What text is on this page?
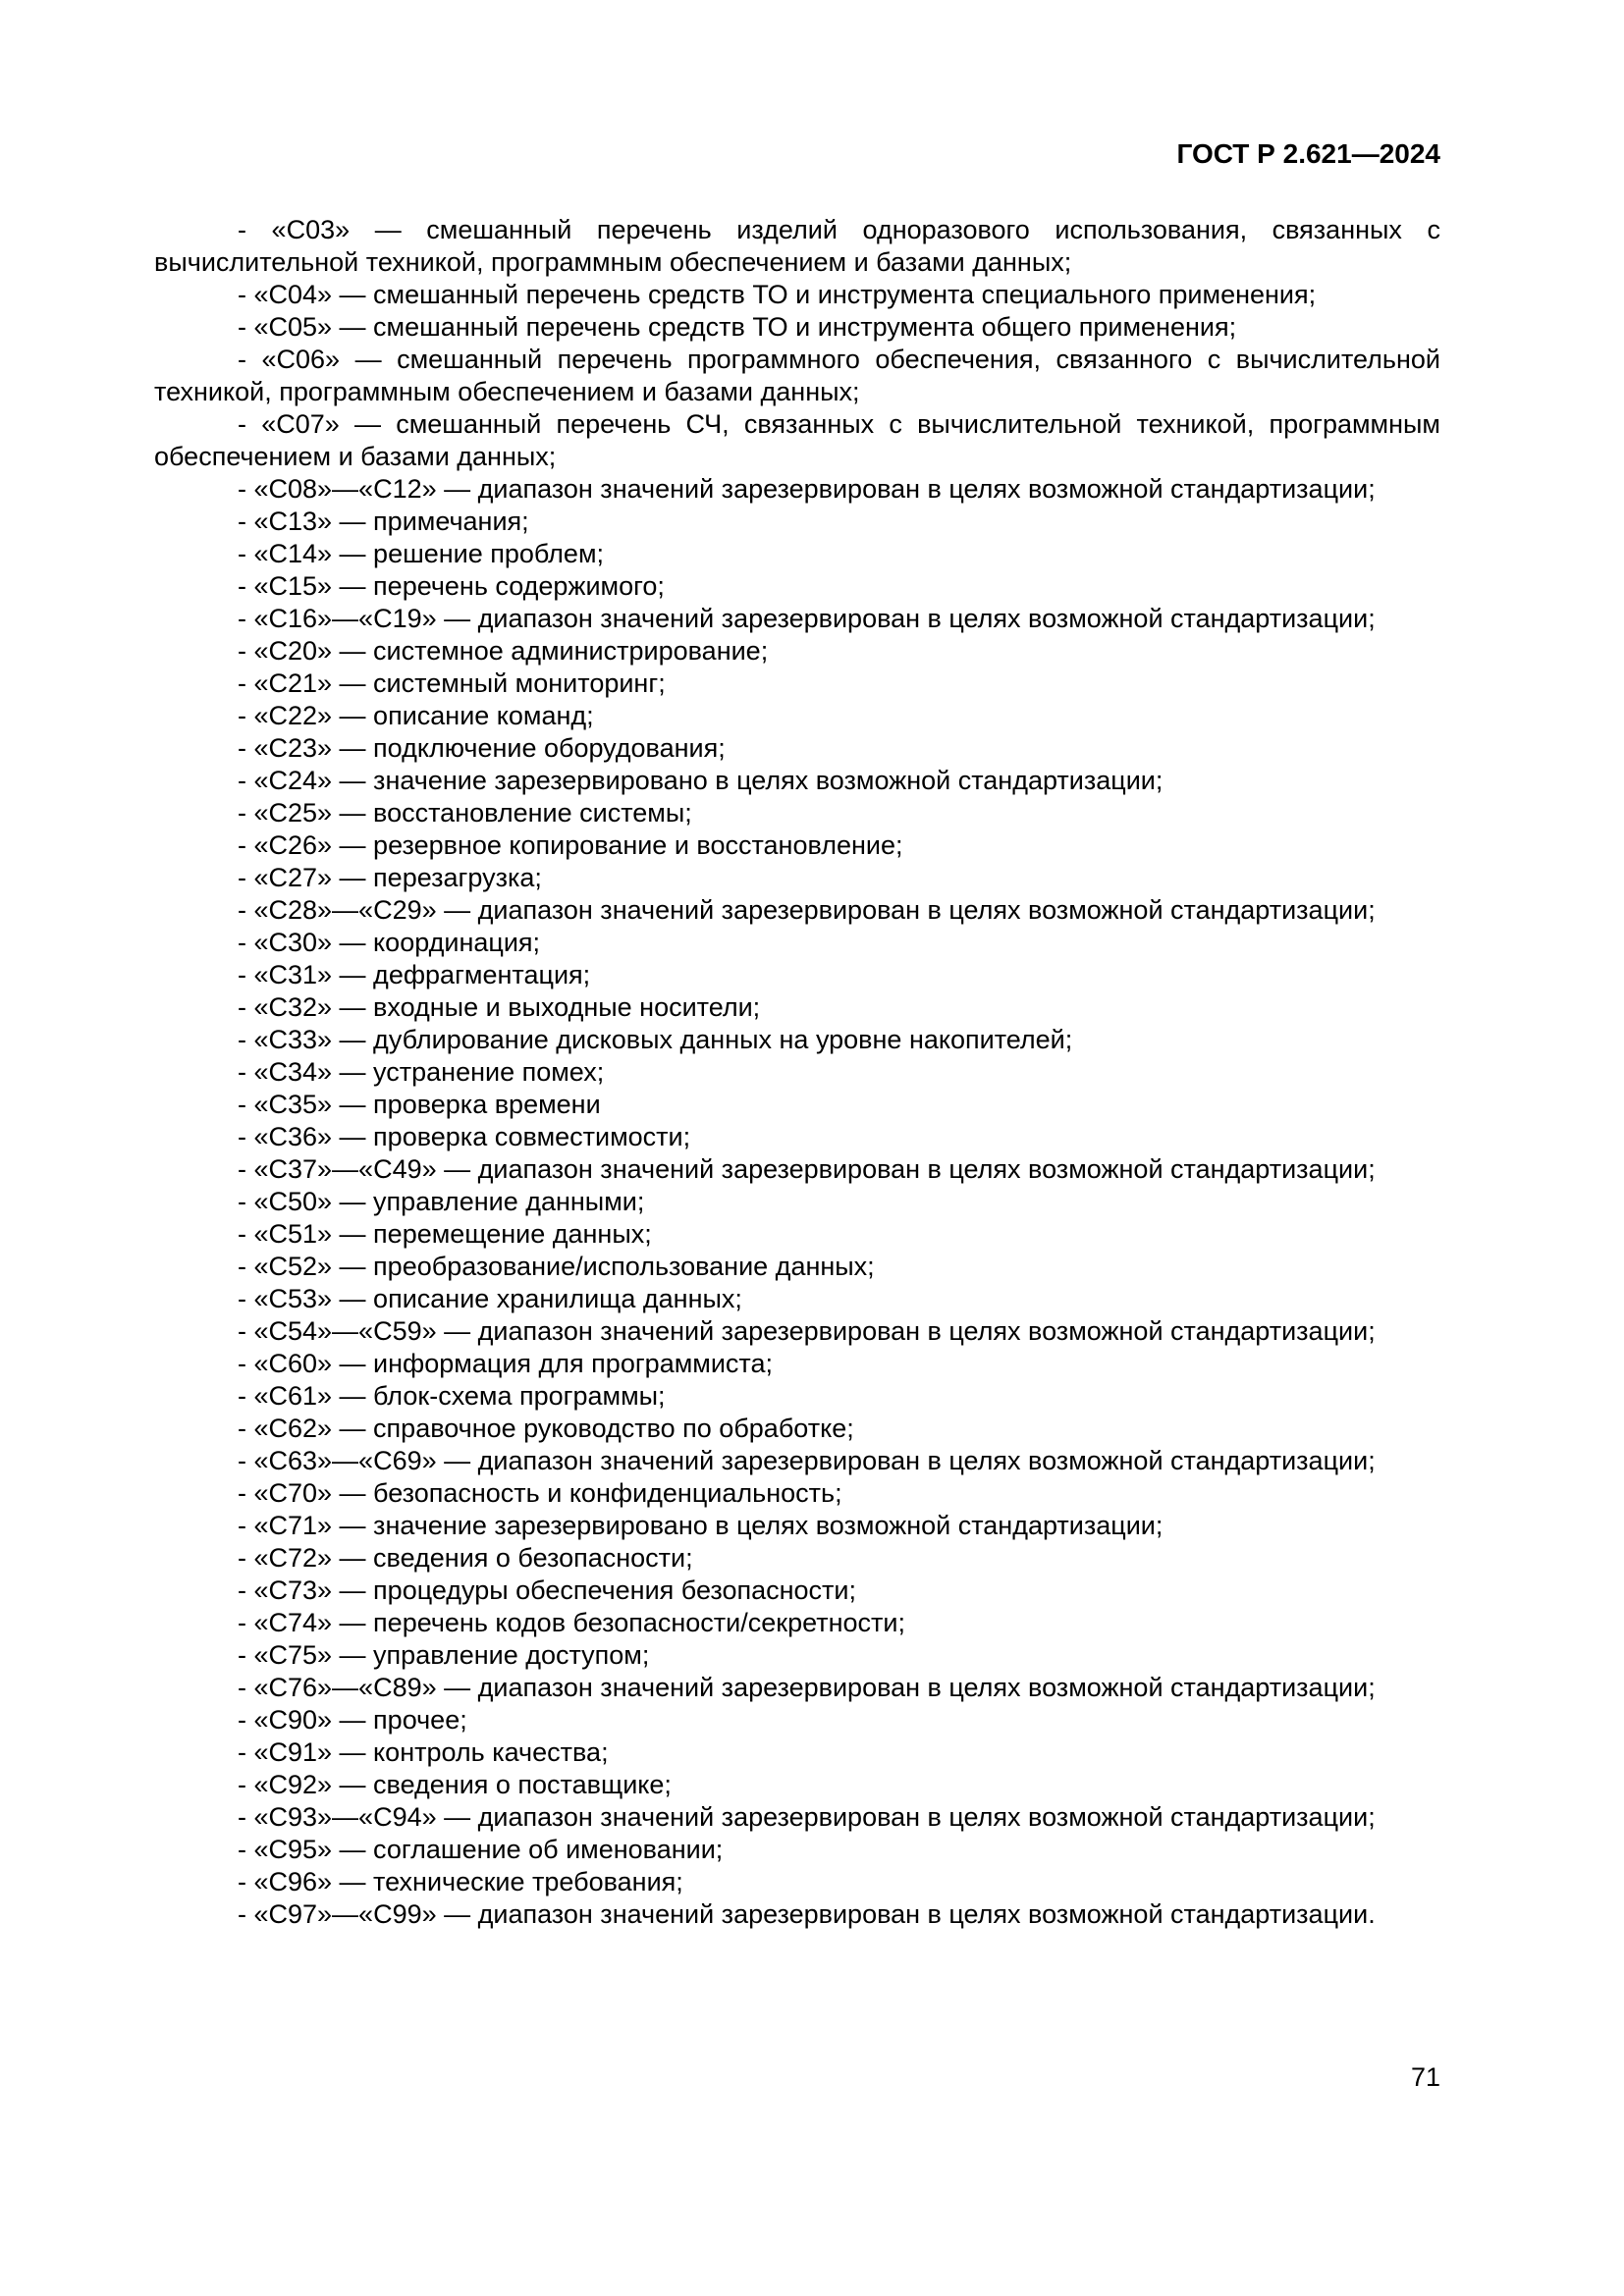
ГОСТ Р 2.621—2024

- «С03» — смешанный перечень изделий одноразового использования, связанных с вычислительной техникой, программным обеспечением и базами данных;

- «С04» — смешанный перечень средств ТО и инструмента специального применения;

- «С05» — смешанный перечень средств ТО и инструмента общего применения;

- «С06» — смешанный перечень программного обеспечения, связанного с вычислительной техникой, программным обеспечением и базами данных;

- «С07» — смешанный перечень СЧ, связанных с вычислительной техникой, программным обеспечением и базами данных;

- «С08»—«С12» — диапазон значений зарезервирован в целях возможной стандартизации;

- «С13» — примечания;

- «С14» — решение проблем;

- «С15» — перечень содержимого;

- «С16»—«С19» — диапазон значений зарезервирован в целях возможной стандартизации;

- «С20» — системное администрирование;

- «С21» — системный мониторинг;

- «С22» — описание команд;

- «С23» — подключение оборудования;

- «С24» — значение зарезервировано в целях возможной стандартизации;

- «С25» — восстановление системы;

- «С26» — резервное копирование и восстановление;

- «С27» — перезагрузка;

- «С28»—«С29» — диапазон значений зарезервирован в целях возможной стандартизации;

- «С30» — координация;

- «С31» — дефрагментация;

- «С32» — входные и выходные носители;

- «С33» — дублирование дисковых данных на уровне накопителей;

- «С34» — устранение помех;

- «С35» — проверка времени

- «С36» — проверка совместимости;

- «С37»—«С49» — диапазон значений зарезервирован в целях возможной стандартизации;

- «С50» — управление данными;

- «С51» — перемещение данных;

- «С52» — преобразование/использование данных;

- «С53» — описание хранилища данных;

- «С54»—«С59» — диапазон значений зарезервирован в целях возможной стандартизации;

- «С60» — информация для программиста;

- «С61» — блок-схема программы;

- «С62» — справочное руководство по обработке;

- «С63»—«С69» — диапазон значений зарезервирован в целях возможной стандартизации;

- «С70» — безопасность и конфиденциальность;

- «С71» — значение зарезервировано в целях возможной стандартизации;

- «С72» — сведения о безопасности;

- «С73» — процедуры обеспечения безопасности;

- «С74» — перечень кодов безопасности/секретности;

- «С75» — управление доступом;

- «С76»—«С89» — диапазон значений зарезервирован в целях возможной стандартизации;

- «С90» — прочее;

- «С91» — контроль качества;

- «С92» — сведения о поставщике;

- «С93»—«С94» — диапазон значений зарезервирован в целях возможной стандартизации;

- «С95» — соглашение об именовании;

- «С96» — технические требования;

- «С97»—«С99» — диапазон значений зарезервирован в целях возможной стандартизации.

71
